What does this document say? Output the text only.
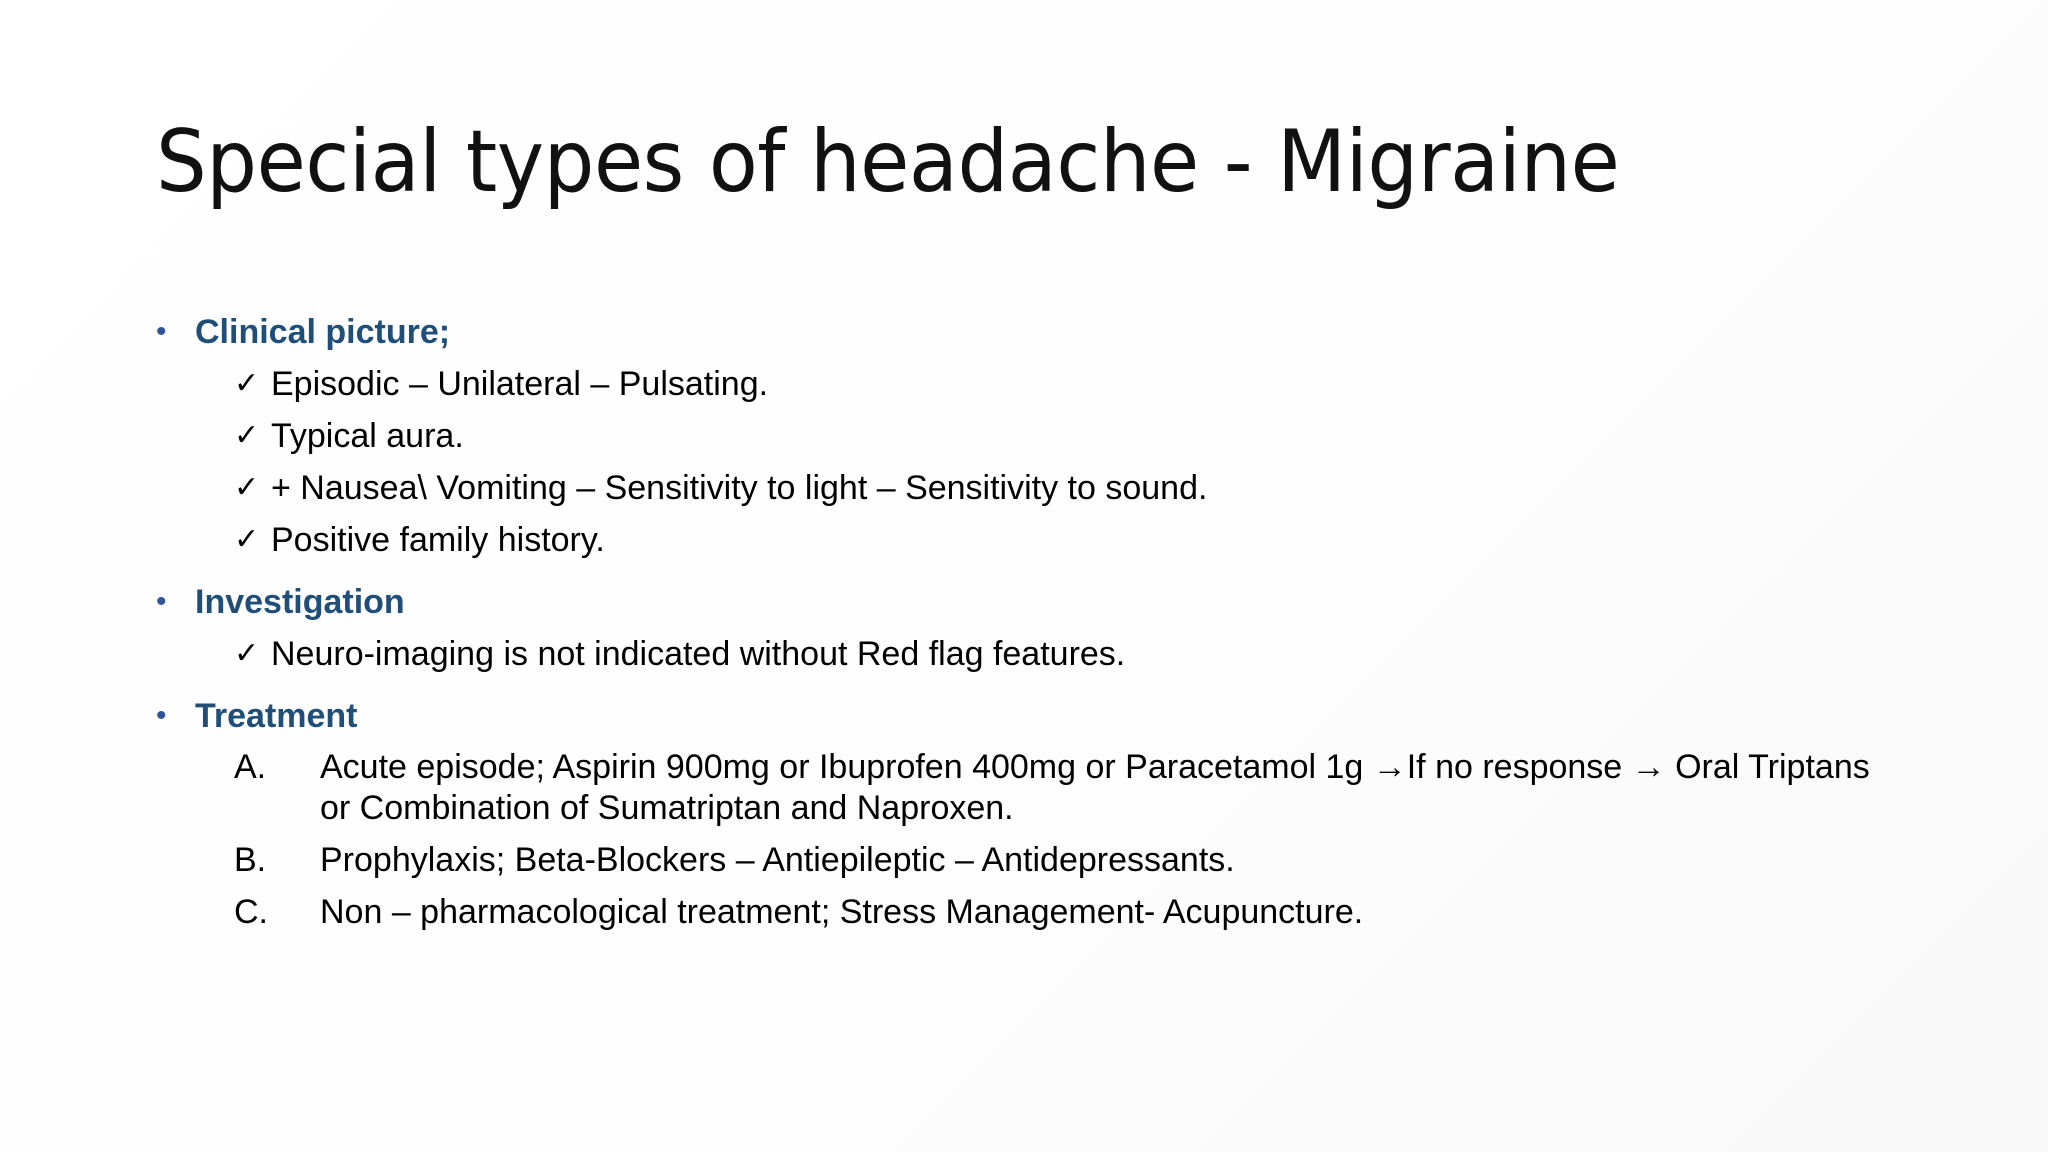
Special types of headache - Migraine
• Clinical picture;
✓ Episodic – Unilateral – Pulsating.
✓ Typical aura.
✓ + Nausea\ Vomiting – Sensitivity to light – Sensitivity to sound.
✓ Positive family history.
• Investigation
✓ Neuro-imaging is not indicated without Red flag features.
• Treatment
A.	Acute episode; Aspirin 900mg or Ibuprofen 400mg or Paracetamol 1g →If no response → Oral Triptans or Combination of Sumatriptan and Naproxen.
B.	Prophylaxis; Beta-Blockers – Antiepileptic – Antidepressants.
C.	Non – pharmacological treatment; Stress Management- Acupuncture.
